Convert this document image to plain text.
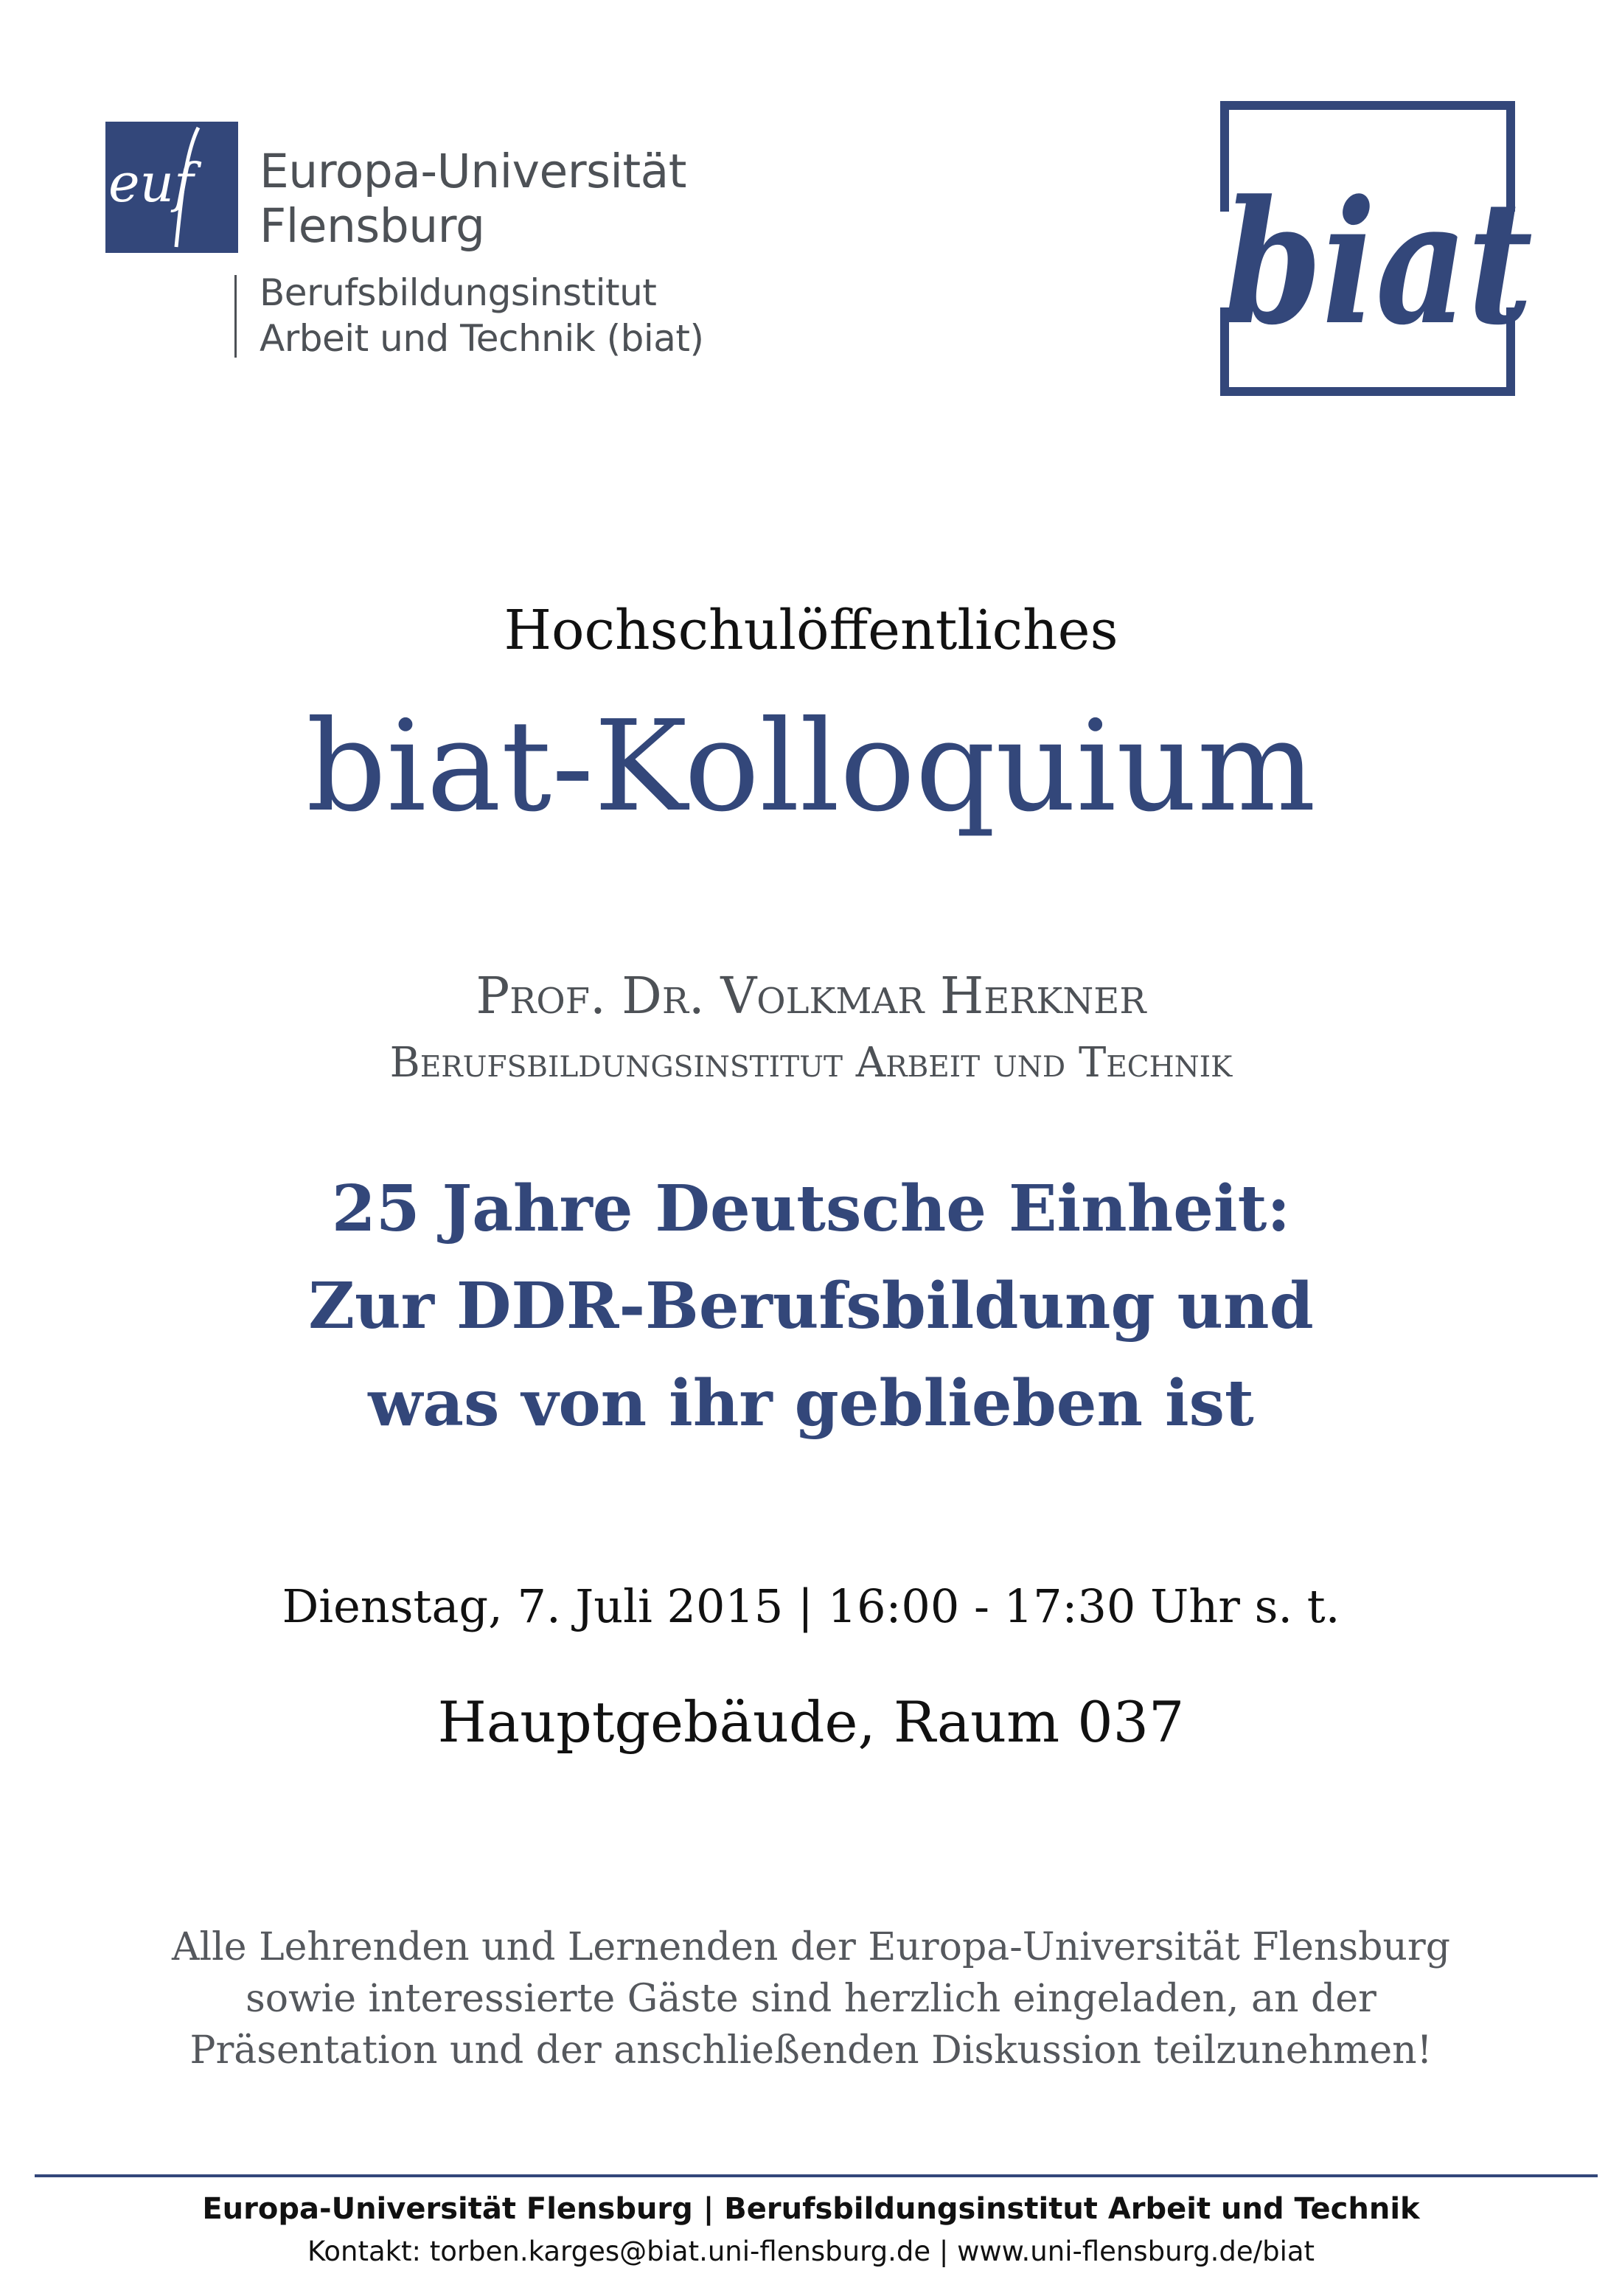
euf Europa-Universität
Flensburg
Berufsbildungsinstitut
Arbeit und Technik (biat)	biat
Hochschulöffentliches
biat-Kolloquium
Prof. Dr. Volkmar Herkner
Berufsbildungsinstitut Arbeit und Technik
25 Jahre Deutsche Einheit:
Zur DDR-Berufsbildung und
was von ihr geblieben ist
Dienstag, 7. Juli 2015 | 16:00 - 17:30 Uhr s. t.
Hauptgebäude, Raum 037
Alle Lehrenden und Lernenden der Europa-Universität Flensburg
sowie interessierte Gäste sind herzlich eingeladen, an der
Präsentation und der anschließenden Diskussion teilzunehmen!
Europa-Universität Flensburg | Berufsbildungsinstitut Arbeit und Technik
Kontakt: torben.karges@biat.uni-flensburg.de | www.uni-flensburg.de/biat
